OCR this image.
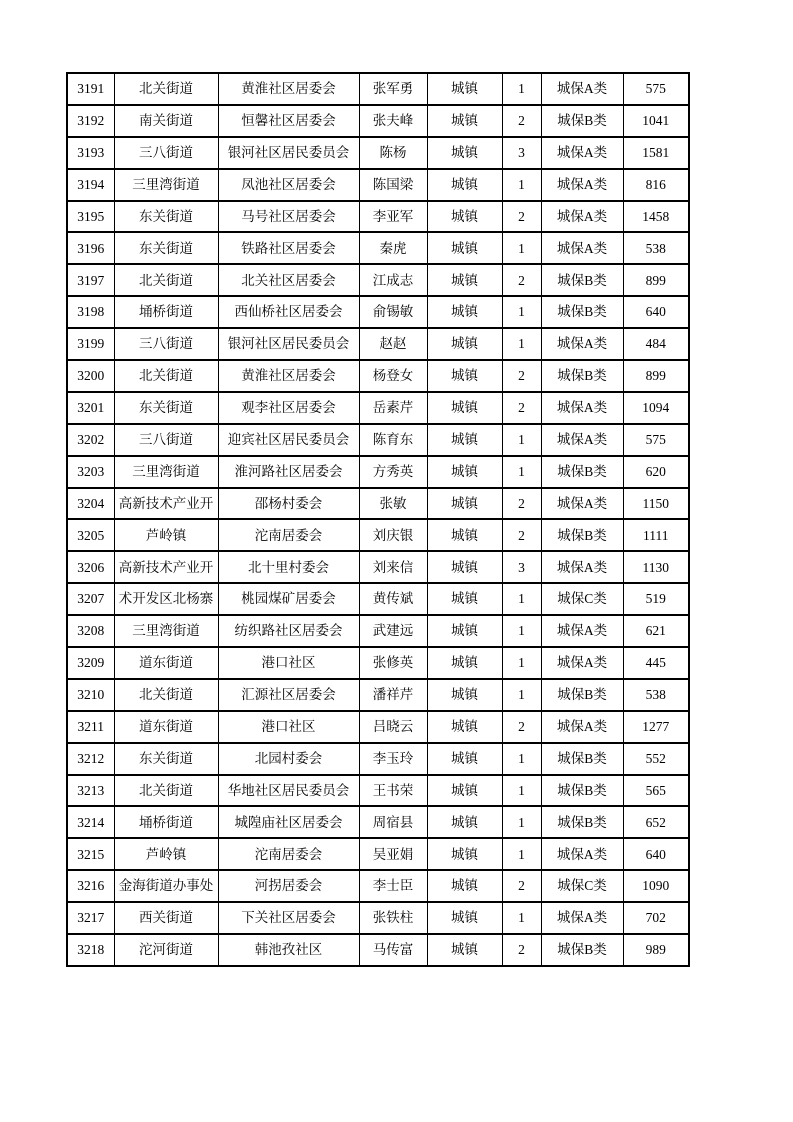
3191	北关街道	黄淮社区居委会	张军勇	城镇	1	城保A类	575
3192	南关街道	恒馨社区居委会	张夫峰	城镇	2	城保B类	1041
3193	三八街道	银河社区居民委员会	陈杨	城镇	3	城保A类	1581
3194	三里湾街道	凤池社区居委会	陈国梁	城镇	1	城保A类	816
3195	东关街道	马号社区居委会	李亚军	城镇	2	城保A类	1458
3196	东关街道	铁路社区居委会	秦虎	城镇	1	城保A类	538
3197	北关街道	北关社区居委会	江成志	城镇	2	城保B类	899
3198	埇桥街道	西仙桥社区居委会	俞锡敏	城镇	1	城保B类	640
3199	三八街道	银河社区居民委员会	赵赵	城镇	1	城保A类	484
3200	北关街道	黄淮社区居委会	杨登女	城镇	2	城保B类	899
3201	东关街道	观李社区居委会	岳素芹	城镇	2	城保A类	1094
3202	三八街道	迎宾社区居民委员会	陈育东	城镇	1	城保A类	575
3203	三里湾街道	淮河路社区居委会	方秀英	城镇	1	城保B类	620
3204	高新技术产业开	邵杨村委会	张敏	城镇	2	城保A类	1150
3205	芦岭镇	沱南居委会	刘庆银	城镇	2	城保B类	1111
3206	高新技术产业开	北十里村委会	刘来信	城镇	3	城保A类	1130
3207	术开发区北杨寨	桃园煤矿居委会	黄传斌	城镇	1	城保C类	519
3208	三里湾街道	纺织路社区居委会	武建远	城镇	1	城保A类	621
3209	道东街道	港口社区	张修英	城镇	1	城保A类	445
3210	北关街道	汇源社区居委会	潘祥芹	城镇	1	城保B类	538
3211	道东街道	港口社区	吕晓云	城镇	2	城保A类	1277
3212	东关街道	北园村委会	李玉玲	城镇	1	城保B类	552
3213	北关街道	华地社区居民委员会	王书荣	城镇	1	城保B类	565
3214	埇桥街道	城隍庙社区居委会	周宿县	城镇	1	城保B类	652
3215	芦岭镇	沱南居委会	吴亚娟	城镇	1	城保A类	640
3216	金海街道办事处	河拐居委会	李士臣	城镇	2	城保C类	1090
3217	西关街道	下关社区居委会	张铁柱	城镇	1	城保A类	702
3218	沱河街道	韩池孜社区	马传富	城镇	2	城保B类	989
